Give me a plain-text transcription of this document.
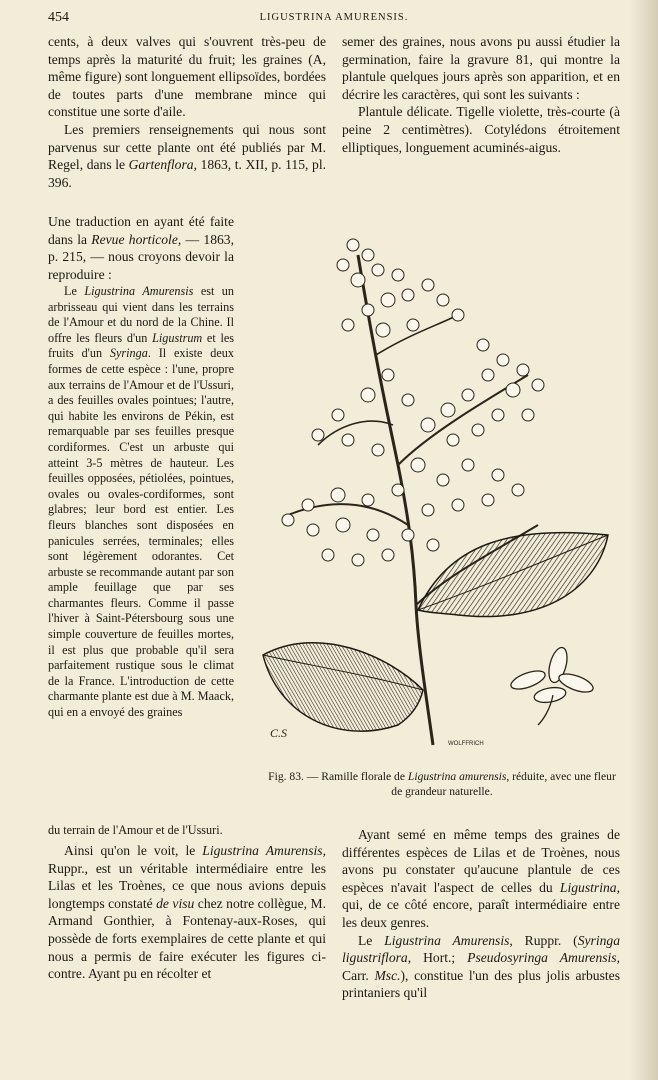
454	LIGUSTRINA AMURENSIS.

cents, à deux valves qui s'ouvrent très-peu de temps après la maturité du fruit; les graines (A, même figure) sont longuement ellipsoïdes, bordées de toutes parts d'une membrane mince qui constitue une sorte d'aile.

Les premiers renseignements qui nous sont parvenus sur cette plante ont été publiés par M. Regel, dans le Gartenflora, 1863, t. XII, p. 115, pl. 396.

Une traduction en ayant été faite dans la Revue horticole, — 1863, p. 215, — nous croyons devoir la reproduire :

Le Ligustrina Amurensis est un arbrisseau qui vient dans les terrains de l'Amour et du nord de la Chine. Il offre les fleurs d'un Ligustrum et les fruits d'un Syringa. Il existe deux formes de cette espèce : l'une, propre aux terrains de l'Amour et de l'Ussuri, a des feuilles ovales pointues; l'autre, qui habite les environs de Pékin, est remarquable par ses feuilles presque cordiformes. C'est un arbuste qui atteint 3-5 mètres de hauteur. Les feuilles opposées, pétiolées, pointues, ovales ou ovales-cordiformes, sont glabres; leur bord est entier. Les fleurs blanches sont disposées en panicules serrées, terminales; elles sont légèrement odorantes. Cet arbuste se recommande autant par son ample feuillage que par ses charmantes fleurs. Comme il passe l'hiver à Saint-Pétersbourg sous une simple couverture de feuilles mortes, il est plus que probable qu'il sera parfaitement rustique sous le climat de la France. L'introduction de cette charmante plante est due à M. Maack, qui en a envoyé des graines

du terrain de l'Amour et de l'Ussuri.

Ainsi qu'on le voit, le Ligustrina Amurensis, Ruppr., est un véritable intermédiaire entre les Lilas et les Troènes, ce que nous avions depuis longtemps constaté de visu chez notre collègue, M. Armand Gonthier, à Fontenay-aux-Roses, qui possède de forts exemplaires de cette plante et qui nous a permis de faire exécuter les figures ci-contre. Ayant pu en récolter et

semer des graines, nous avons pu aussi étudier la germination, faire la gravure 81, qui montre la plantule quelques jours après son apparition, et en décrire les caractères, qui sont les suivants :

Plantule délicate. Tigelle violette, très-courte (à peine 2 centimètres). Cotylédons étroitement elliptiques, longuement acuminés-aigus.

C.S
WOLFFRICH
Fig. 83. — Ramille florale de Ligustrina amurensis, réduite, avec une fleur de grandeur naturelle.

Ayant semé en même temps des graines de différentes espèces de Lilas et de Troènes, nous avons pu constater qu'aucune plantule de ces espèces n'avait l'aspect de celles du Ligustrina, qui, de ce côté encore, paraît intermédiaire entre les deux genres.

Le Ligustrina Amurensis, Ruppr. (Syringa ligustriflora, Hort.; Pseudosyringa Amurensis, Carr. Msc.), constitue l'un des plus jolis arbustes printaniers qu'il
